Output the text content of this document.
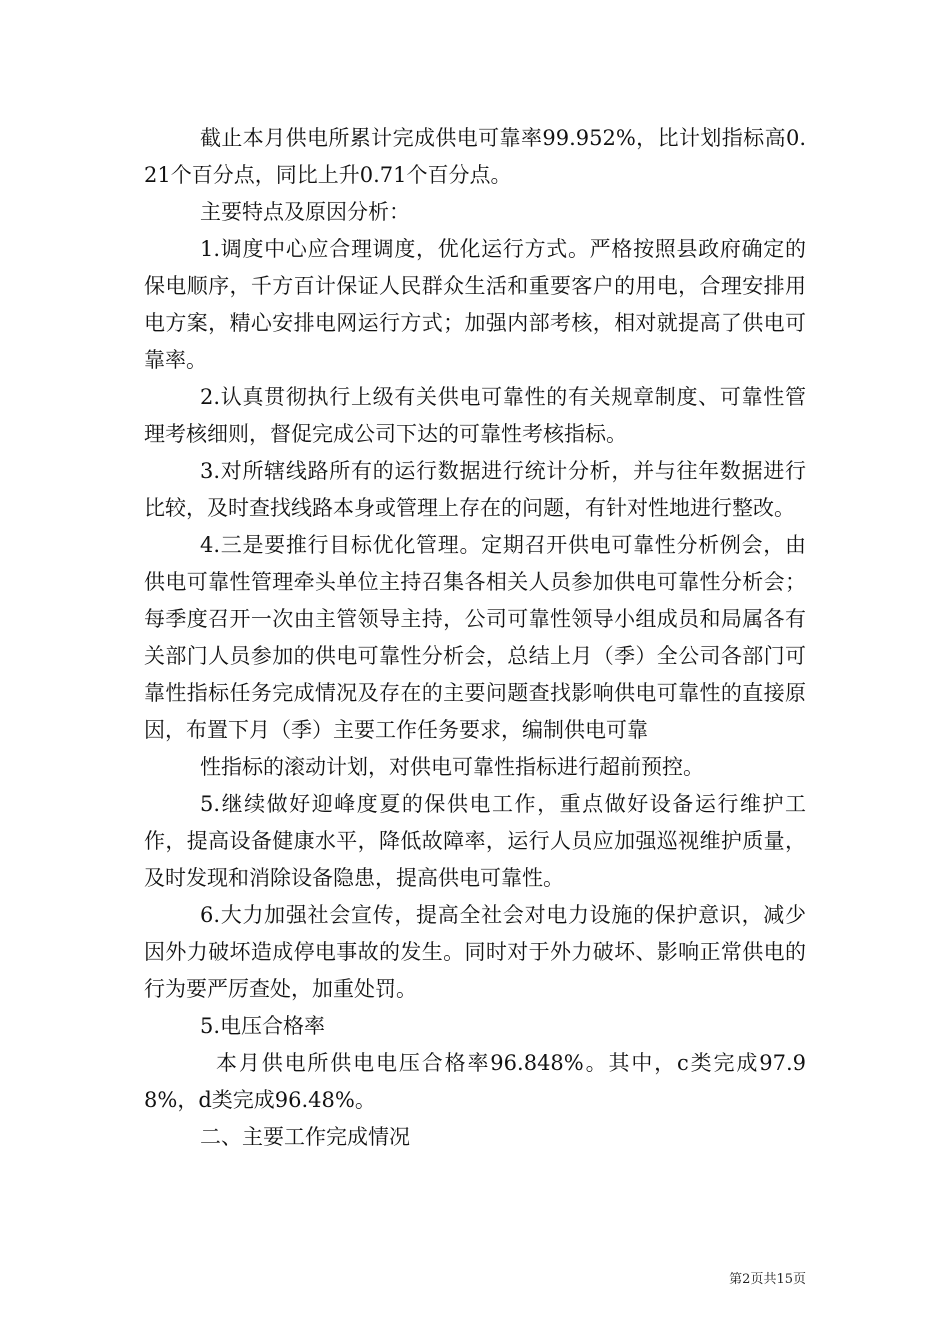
截止本月供电所累计完成供电可靠率99.952%，比计划指标高0.21个百分点，同比上升0.71个百分点。

主要特点及原因分析：

1.调度中心应合理调度，优化运行方式。严格按照县政府确定的保电顺序，千方百计保证人民群众生活和重要客户的用电，合理安排用电方案，精心安排电网运行方式；加强内部考核，相对就提高了供电可靠率。

2.认真贯彻执行上级有关供电可靠性的有关规章制度、可靠性管理考核细则，督促完成公司下达的可靠性考核指标。

3.对所辖线路所有的运行数据进行统计分析，并与往年数据进行比较，及时查找线路本身或管理上存在的问题，有针对性地进行整改。

4.三是要推行目标优化管理。定期召开供电可靠性分析例会，由供电可靠性管理牵头单位主持召集各相关人员参加供电可靠性分析会；每季度召开一次由主管领导主持，公司可靠性领导小组成员和局属各有关部门人员参加的供电可靠性分析会，总结上月（季）全公司各部门可靠性指标任务完成情况及存在的主要问题查找影响供电可靠性的直接原因，布置下月（季）主要工作任务要求，编制供电可靠

性指标的滚动计划，对供电可靠性指标进行超前预控。

5.继续做好迎峰度夏的保供电工作，重点做好设备运行维护工作，提高设备健康水平，降低故障率，运行人员应加强巡视维护质量，及时发现和消除设备隐患，提高供电可靠性。

6.大力加强社会宣传，提高全社会对电力设施的保护意识，减少因外力破坏造成停电事故的发生。同时对于外力破坏、影响正常供电的行为要严厉查处，加重处罚。

5.电压合格率

本月供电所供电电压合格率96.848%。其中，c类完成97.98%，d类完成96.48%。

二、主要工作完成情况

第2页共15页
